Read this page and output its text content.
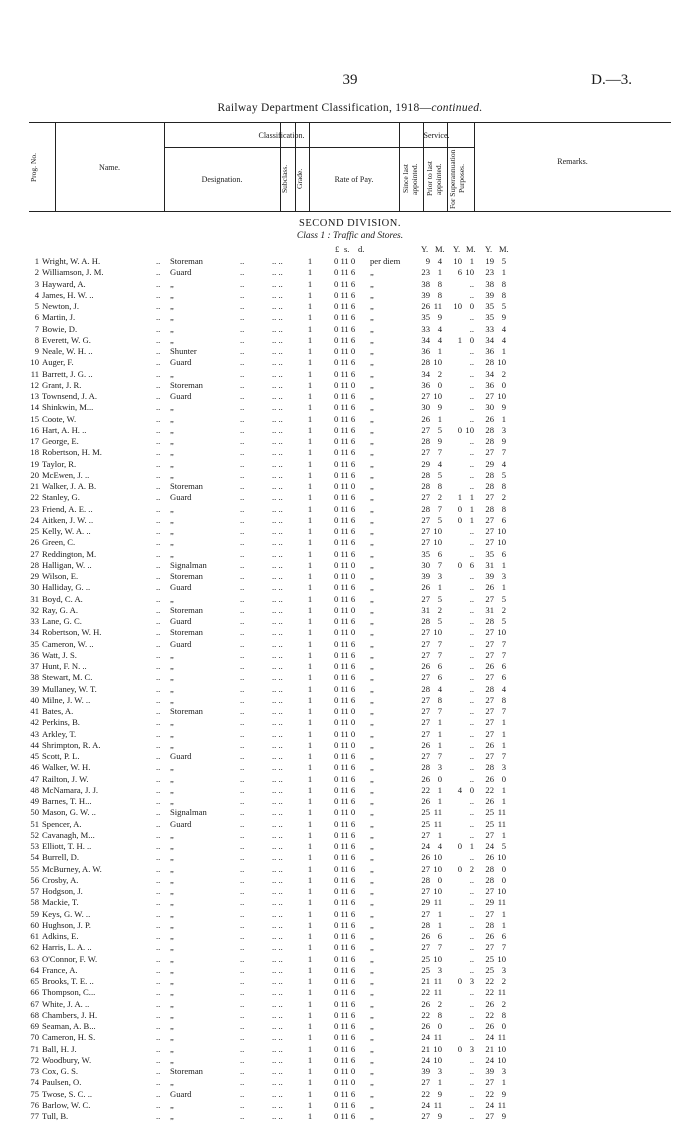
39	D.—3.
Railway Department Classification, 1918—continued.
Prog. No.	Name.
Classification.
Designation.	Subclass. Grade.	Rate of Pay.
Service.
Since last appointed. Prior to last appointed. For Superannuation Purposes.
Remarks.
SECOND DIVISION.
Class 1 : Traffic and Stores.
£ s. d.	Y. M. Y. M. Y. M.
1 Wright, W. A. H.	Storeman	1	0 11 0	per diem	9 4	10 1	19 5
..	..	.. ..
2 Williamson, J. M.	Guard	1	0 11 6	„	23 1	6 10	23 1
..	..	.. ..
3 Hayward, A.	„	1	0 11 6	„	38 8	..	38 8
..	..	.. ..
4 James, H. W. ..	„	1	0 11 6	„	39 8	..	39 8
..	..	.. ..
5 Newton, J.	„	1	0 11 6	„	26 11	10 0	35 5
..	..	.. ..
6 Martin, J.	„	1	0 11 6	„	35 9	..	35 9
..	..	.. ..
7 Bowie, D.	„	1	0 11 6	„	33 4	..	33 4
..	..	.. ..
8 Everett, W. G.	„	1	0 11 6	„	34 4	1 0	34 4
..	..	.. ..
9 Neale, W. H. ..	Shunter	1	0 11 0	„	36 1	..	36 1
..	..	.. ..
10 Auger, F.	Guard	1	0 11 6	„	28 10	..	28 10
..	..	.. ..
11 Barrett, J. G. ..	„	1	0 11 6	„	34 2	..	34 2
..	..	.. ..
12 Grant, J. R.	Storeman	1	0 11 0	„	36 0	..	36 0
..	..	.. ..
13 Townsend, J. A.	Guard	1	0 11 6	„	27 10	..	27 10
..	..	.. ..
14 Shinkwin, M...	„	1	0 11 6	„	30 9	..	30 9
..	..	.. ..
15 Coote, W.	„	1	0 11 6	„	26 1	..	26 1
..	..	.. ..
16 Hart, A. H. ..	„	1	0 11 6	„	27 5	0 10	28 3
..	..	.. ..
17 George, E.	„	1	0 11 6	„	28 9	..	28 9
..	..	.. ..
18 Robertson, H. M.	„	1	0 11 6	„	27 7	..	27 7
..	..	.. ..
19 Taylor, R.	„	1	0 11 6	„	29 4	..	29 4
..	..	.. ..
20 McEwen, J. ..	„	1	0 11 6	„	28 5	..	28 5
..	..	.. ..
21 Walker, J. A. B.	Storeman	1	0 11 0	„	28 8	..	28 8
..	..	.. ..
22 Stanley, G.	Guard	1	0 11 6	„	27 2	1 1	27 2
..	..	.. ..
23 Friend, A. E. ..	„	1	0 11 6	„	28 7	0 1	28 8
..	..	.. ..
24 Aitken, J. W. ..	„	1	0 11 6	„	27 5	0 1	27 6
..	..	.. ..
25 Kelly, W. A. ..	„	1	0 11 6	„	27 10	..	27 10
..	..	.. ..
26 Green, C.	„	1	0 11 6	„	27 10	..	27 10
..	..	.. ..
27 Reddington, M.	„	1	0 11 6	„	35 6	..	35 6
..	..	.. ..
28 Halligan, W. ..	Signalman	1	0 11 0	„	30 7	0 6	31 1
..	..	.. ..
29 Wilson, E.	Storeman	1	0 11 0	„	39 3	..	39 3
..	..	.. ..
30 Halliday, G. ..	Guard	1	0 11 6	„	26 1	..	26 1
..	..	.. ..
31 Boyd, C. A.	„	1	0 11 6	„	27 5	..	27 5
..	..	.. ..
32 Ray, G. A.	Storeman	1	0 11 0	„	31 2	..	31 2
..	..	.. ..
33 Lane, G. C.	Guard	1	0 11 6	„	28 5	..	28 5
..	..	.. ..
34 Robertson, W. H.	Storeman	1	0 11 0	„	27 10	..	27 10
..	..	.. ..
35 Cameron, W. ..	Guard	1	0 11 6	„	27 7	..	27 7
..	..	.. ..
36 Watt, J. S.	„	1	0 11 6	„	27 7	..	27 7
..	..	.. ..
37 Hunt, F. N. ..	„	1	0 11 6	„	26 6	..	26 6
..	..	.. ..
38 Stewart, M. C.	„	1	0 11 6	„	27 6	..	27 6
..	..	.. ..
39 Mullaney, W. T.	„	1	0 11 6	„	28 4	..	28 4
..	..	.. ..
40 Milne, J. W. ..	„	1	0 11 6	„	27 8	..	27 8
..	..	.. ..
41 Bates, A.	Storeman	1	0 11 0	„	27 7	..	27 7
..	..	.. ..
42 Perkins, B.	„	1	0 11 0	„	27 1	..	27 1
..	..	.. ..
43 Arkley, T.	„	1	0 11 0	„	27 1	..	27 1
..	..	.. ..
44 Shrimpton, R. A.	„	1	0 11 0	„	26 1	..	26 1
..	..	.. ..
45 Scott, P. L.	Guard	1	0 11 6	„	27 7	..	27 7
..	..	.. ..
46 Walker, W. H.	„	1	0 11 6	„	28 3	..	28 3
..	..	.. ..
47 Railton, J. W.	„	1	0 11 6	„	26 0	..	26 0
..	..	.. ..
48 McNamara, J. J.	„	1	0 11 6	„	22 1	4 0	22 1
..	..	.. ..
49 Barnes, T. H...	„	1	0 11 6	„	26 1	..	26 1
..	..	.. ..
50 Mason, G. W. ..	Signalman	1	0 11 0	„	25 11	..	25 11
..	..	.. ..
51 Spencer, A.	Guard	1	0 11 6	„	25 11	..	25 11
..	..	.. ..
52 Cavanagh, M...	„	1	0 11 6	„	27 1	..	27 1
..	..	.. ..
53 Elliott, T. H. ..	„	1	0 11 6	„	24 4	0 1	24 5
..	..	.. ..
54 Burrell, D.	„	1	0 11 6	„	26 10	..	26 10
..	..	.. ..
55 McBurney, A. W.	„	1	0 11 6	„	27 10	0 2	28 0
..	..	.. ..
56 Crosby, A.	„	1	0 11 6	„	28 0	..	28 0
..	..	.. ..
57 Hodgson, J.	„	1	0 11 6	„	27 10	..	27 10
..	..	.. ..
58 Mackie, T.	„	1	0 11 6	„	29 11	..	29 11
..	..	.. ..
59 Keys, G. W. ..	„	1	0 11 6	„	27 1	..	27 1
..	..	.. ..
60 Hughson, J. P.	„	1	0 11 6	„	28 1	..	28 1
..	..	.. ..
61 Adkins, E.	„	1	0 11 6	„	26 6	..	26 6
..	..	.. ..
62 Harris, L. A. ..	„	1	0 11 6	„	27 7	..	27 7
..	..	.. ..
63 O'Connor, F. W.	„	1	0 11 6	„	25 10	..	25 10
..	..	.. ..
64 France, A.	„	1	0 11 6	„	25 3	..	25 3
..	..	.. ..
65 Brooks, T. E. ..	„	1	0 11 6	„	21 11	0 3	22 2
..	..	.. ..
66 Thompson, C...	„	1	0 11 6	„	22 11	..	22 11
..	..	.. ..
67 White, J. A. ..	„	1	0 11 6	„	26 2	..	26 2
..	..	.. ..
68 Chambers, J. H.	„	1	0 11 6	„	22 8	..	22 8
..	..	.. ..
69 Seaman, A. B...	„	1	0 11 6	„	26 0	..	26 0
..	..	.. ..
70 Cameron, H. S.	„	1	0 11 6	„	24 11	..	24 11
..	..	.. ..
71 Ball, H. J.	„	1	0 11 6	„	21 10	0 3	21 10
..	..	.. ..
72 Woodbury, W.	„	1	0 11 6	„	24 10	..	24 10
..	..	.. ..
73 Cox, G. S.	Storeman	1	0 11 0	„	39 3	..	39 3
..	..	.. ..
74 Paulsen, O.	„	1	0 11 0	„	27 1	..	27 1
..	..	.. ..
75 Twose, S. C. ..	Guard	1	0 11 6	„	22 9	..	22 9
..	..	.. ..
76 Barlow, W. C.	„	1	0 11 6	„	24 11	..	24 11
..	..	.. ..
77 Tull, B.	„	1	0 11 6	„	27 9	..	27 9
..	..	.. ..
